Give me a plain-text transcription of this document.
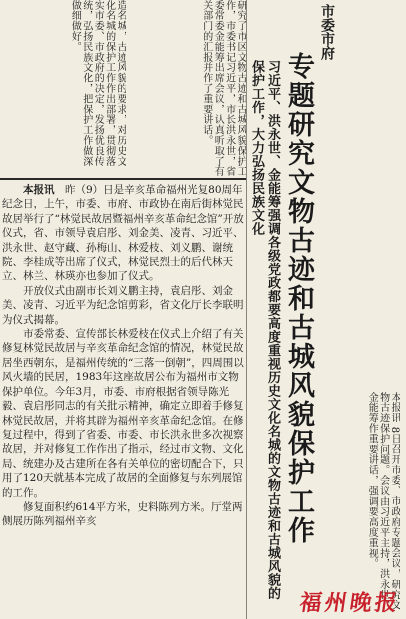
造名城，古迹风貌的要求，对历史文化名城的保护工作作出部署，贯彻落实市委、市政府的决定，发扬优良传统，弘扬民族文化，把保护工作做深做细做好。	研究了市区文物古迹和古城风貌保护工作，市委书记习近平，市长洪永世，省委常委金能筹出席会议，认真听取了有关部门的汇报并作了重要讲话。	市委市府
专题研究文物古迹和古城风貌保护工作
习近平、洪永世、金能筹强调各级党政都要高度重视历史文化名城的文物古迹和古城风貌的保护工作，大力弘扬民族文化

本报讯　 昨（9）日是辛亥革命福州光复80周年纪念日，上午，市委、市府、市政协在南后街林觉民故居举行了“林觉民故居暨福州辛亥革命纪念馆”开放仪式，省、市领导袁启彤、刘金美、凌青、习近平、洪永世、赵守藏、孙梅山、林爱枝、刘义鹏、谢统院、李桂成等出席了仪式，林觉民烈士的后代林天立、林兰、林瑛亦也参加了仪式。

开放仪式由副市长刘义鹏主持，袁启彤、刘金美、凌青、习近平为纪念馆剪彩，省文化厅长李联明为仪式揭幕。

市委常委、宣传部长林爱枝在仪式上介绍了有关修复林觉民故居与辛亥革命纪念馆的情况，林觉民故居坐西朝东，是福州传统的“三落一倒朝”，四周围以风火墙的民居，1983年这座故居公布为福州市文物保护单位。今年3月，市委、市府根据省领导陈光毅、袁启彤同志的有关批示精神，确定立即着手修复林觉民故居，并将其辟为福州辛亥革命纪念馆。在修复过程中，得到了省委、市委、市长洪永世多次视察故居，并对修复工作作出了指示，经过市文物、文化局、统建办及古建所在各有关单位的密切配合下，只用了120天就基本完成了故居的全面修复与东列展馆的工作。

修复面积约614平方米，史料陈列方米。厅堂两侧展历陈列福州辛亥	本报讯 8日召开市委、市政府专题会议，研究文物古迹保护问题。会议由习近平主持，洪永世、金能筹作重要讲话，强调要高度重视。
福州晚报
